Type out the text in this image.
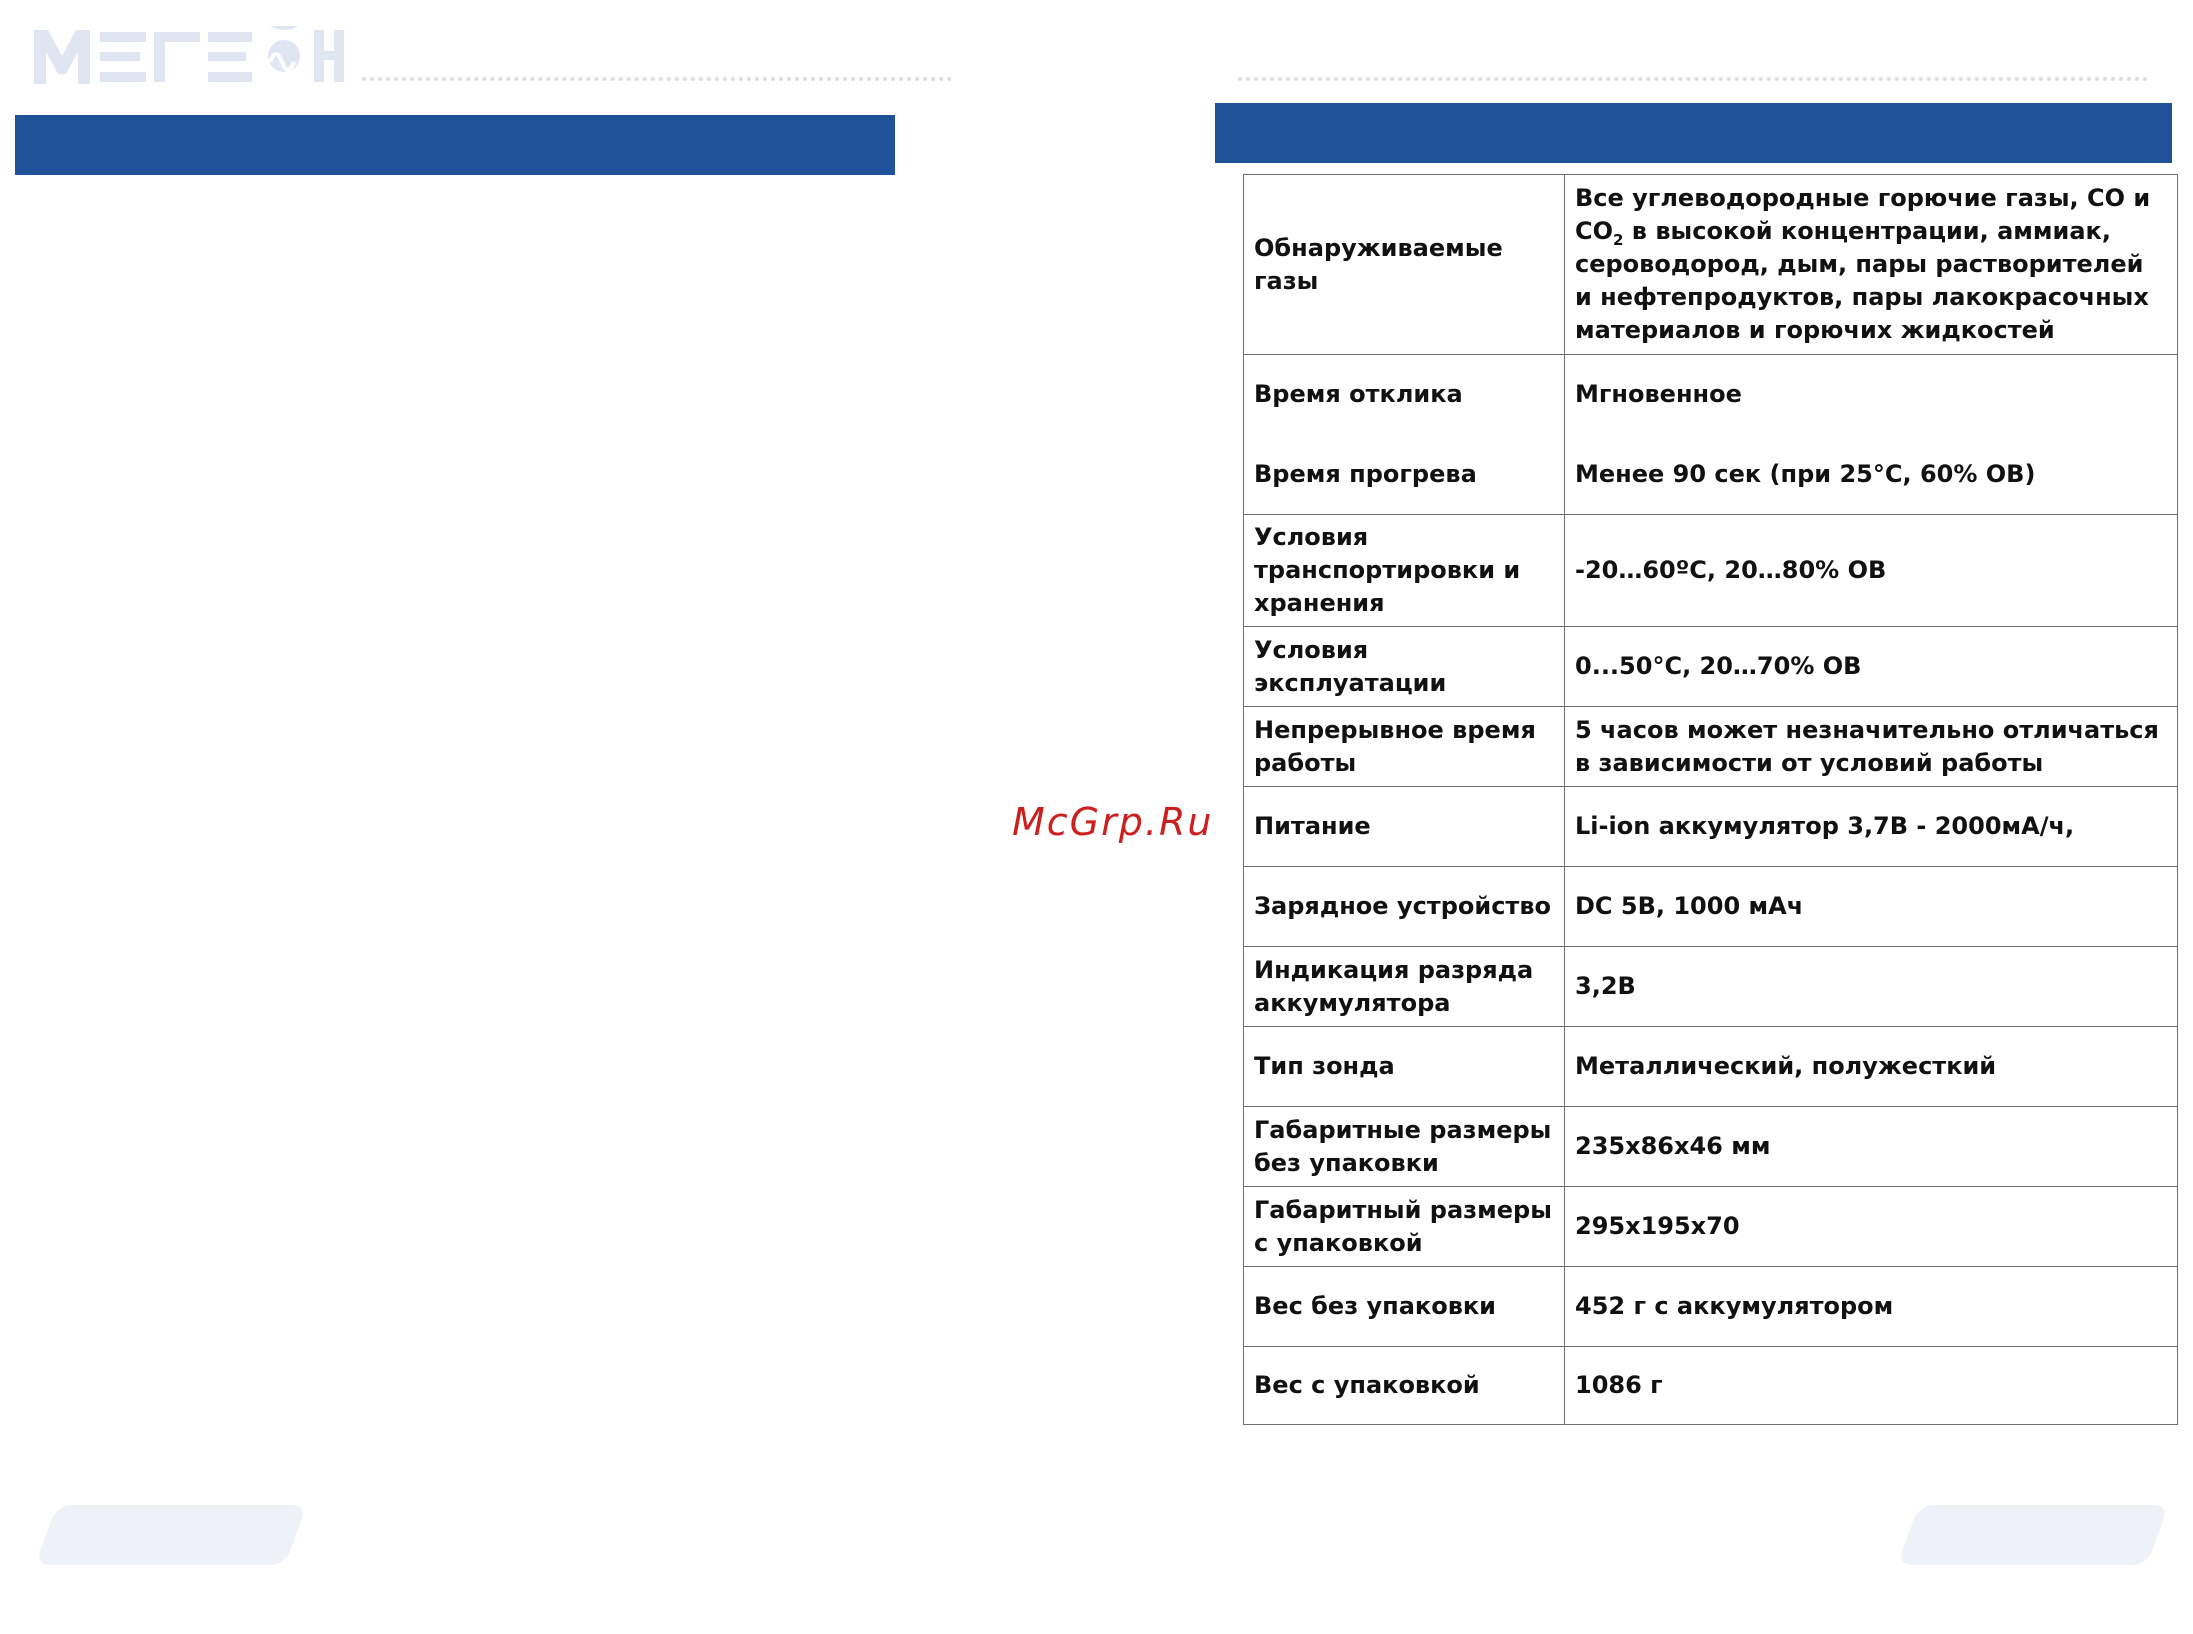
McGrp.Ru
Обнаруживаемые газы	Все углеводородные горючие газы, CO и $CO_2$ в высокой концентрации, аммиак, сероводород, дым, пары растворителей и нефтепродуктов, пары лакокрасочных материалов и горючих жидкостей
Время отклика	Мгновенное
Время прогрева	Менее 90 сек (при 25°С, 60% ОВ)
Условия транспортировки и хранения	-20…60ºС, 20…80% ОВ
Условия эксплуатации	0...50°С, 20…70% ОВ
Непрерывное время работы	5 часов может незначительно отличаться в зависимости от условий работы
Питание	Li-ion аккумулятор 3,7В - 2000мА/ч,
Зарядное устройство	DC 5В, 1000 мАч
Индикация разряда аккумулятора	3,2В
Тип зонда	Металлический, полужесткий
Габаритные размеры без упаковки	235х86х46 мм
Габаритный размеры с упаковкой	295х195х70
Вес без упаковки	452 г с аккумулятором
Вес с упаковкой	1086 г
